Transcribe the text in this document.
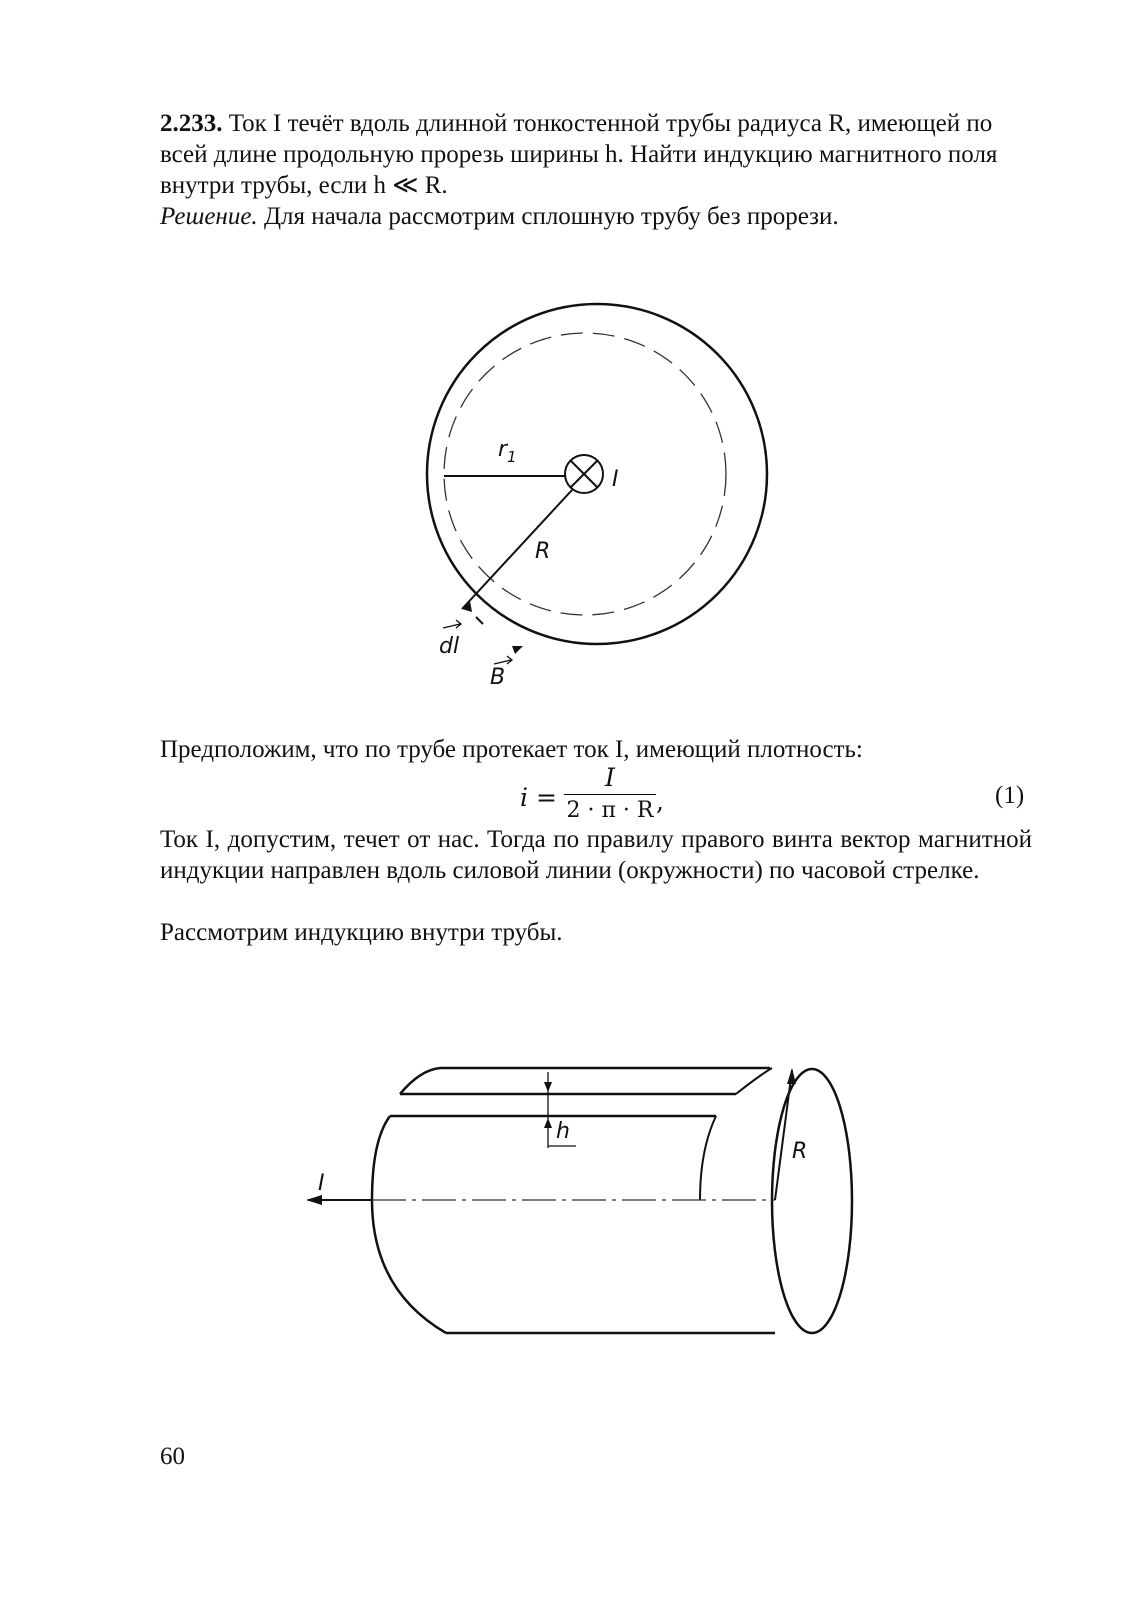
2.233. Ток I течёт вдоль длинной тонкостенной трубы радиуса R, имеющей по
всей длине продольную прорезь ширины h. Найти индукцию магнитного поля
внутри трубы, если h ≪ R.
Решение. Для начала рассмотрим сплошную трубу без прорези.
$r_1$
I
R
dl
B
Предположим, что по трубе протекает ток I, имеющий плотность:
i =
I
2 · π · R ,	(1)
Ток I, допустим, течет от нас. Тогда по правилу правого винта вектор магнитной индукции направлен вдоль силовой линии (окружности) по часовой стрелке.
Рассмотрим индукцию внутри трубы.
I
h
R
60
